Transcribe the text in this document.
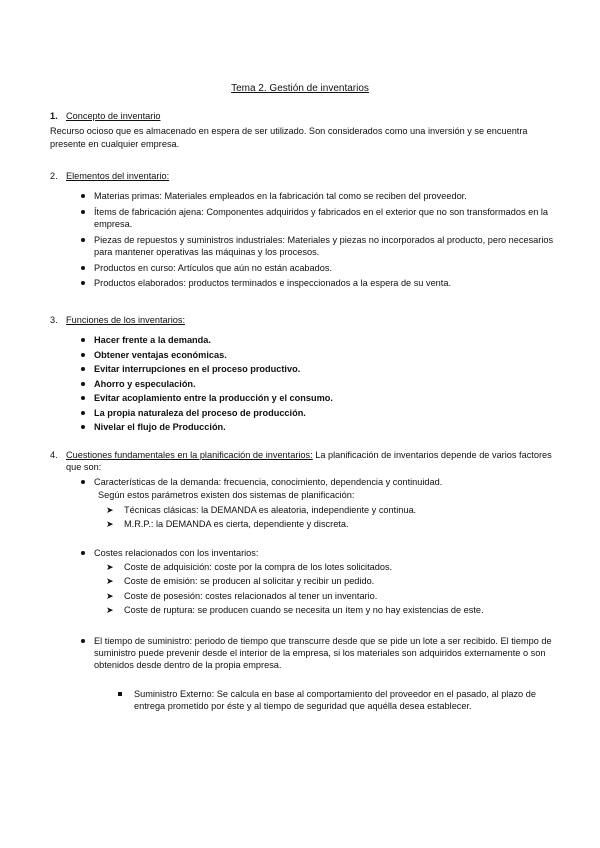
Tema 2. Gestión de inventarios
1. Concepto de inventario

Recurso ocioso que es almacenado en espera de ser utilizado. Son considerados como una inversión y se encuentra presente en cualquier empresa.

2. Elementos del inventario:
Materias primas: Materiales empleados en la fabricación tal como se reciben del proveedor.
Ítems de fabricación ajena: Componentes adquiridos y fabricados en el exterior que no son transformados en la empresa.
Piezas de repuestos y suministros industriales: Materiales y piezas no incorporados al producto, pero necesarios para mantener operativas las máquinas y los procesos.
Productos en curso: Artículos que aún no están acabados.
Productos elaborados: productos terminados e inspeccionados a la espera de su venta.
3. Funciones de los inventarios:
Hacer frente a la demanda.
Obtener ventajas económicas.
Evitar interrupciones en el proceso productivo.
Ahorro y especulación.
Evitar acoplamiento entre la producción y el consumo.
La propia naturaleza del proceso de producción.
Nivelar el flujo de Producción.
4. Cuestiones fundamentales en la planificación de inventarios: La planificación de inventarios depende de varios factores que son:
Características de la demanda: frecuencia, conocimiento, dependencia y continuidad.
Según estos parámetros existen dos sistemas de planificación:
➤ Técnicas clásicas: la DEMANDA es aleatoria, independiente y continua.
➤ M.R.P.: la DEMANDA es cierta, dependiente y discreta.
Costes relacionados con los inventarios:
➤ Coste de adquisición: coste por la compra de los lotes solicitados.
➤ Coste de emisión: se producen al solicitar y recibir un pedido.
➤ Coste de posesión: costes relacionados al tener un inventario.
➤ Coste de ruptura: se producen cuando se necesita un ítem y no hay existencias de este.
El tiempo de suministro: periodo de tiempo que transcurre desde que se pide un lote a ser recibido. El tiempo de suministro puede prevenir desde el interior de la empresa, si los materiales son adquiridos externamente o son obtenidos desde dentro de la propia empresa.
Suministro Externo: Se calcula en base al comportamiento del proveedor en el pasado, al plazo de entrega prometido por éste y al tiempo de seguridad que aquélla desea establecer.
